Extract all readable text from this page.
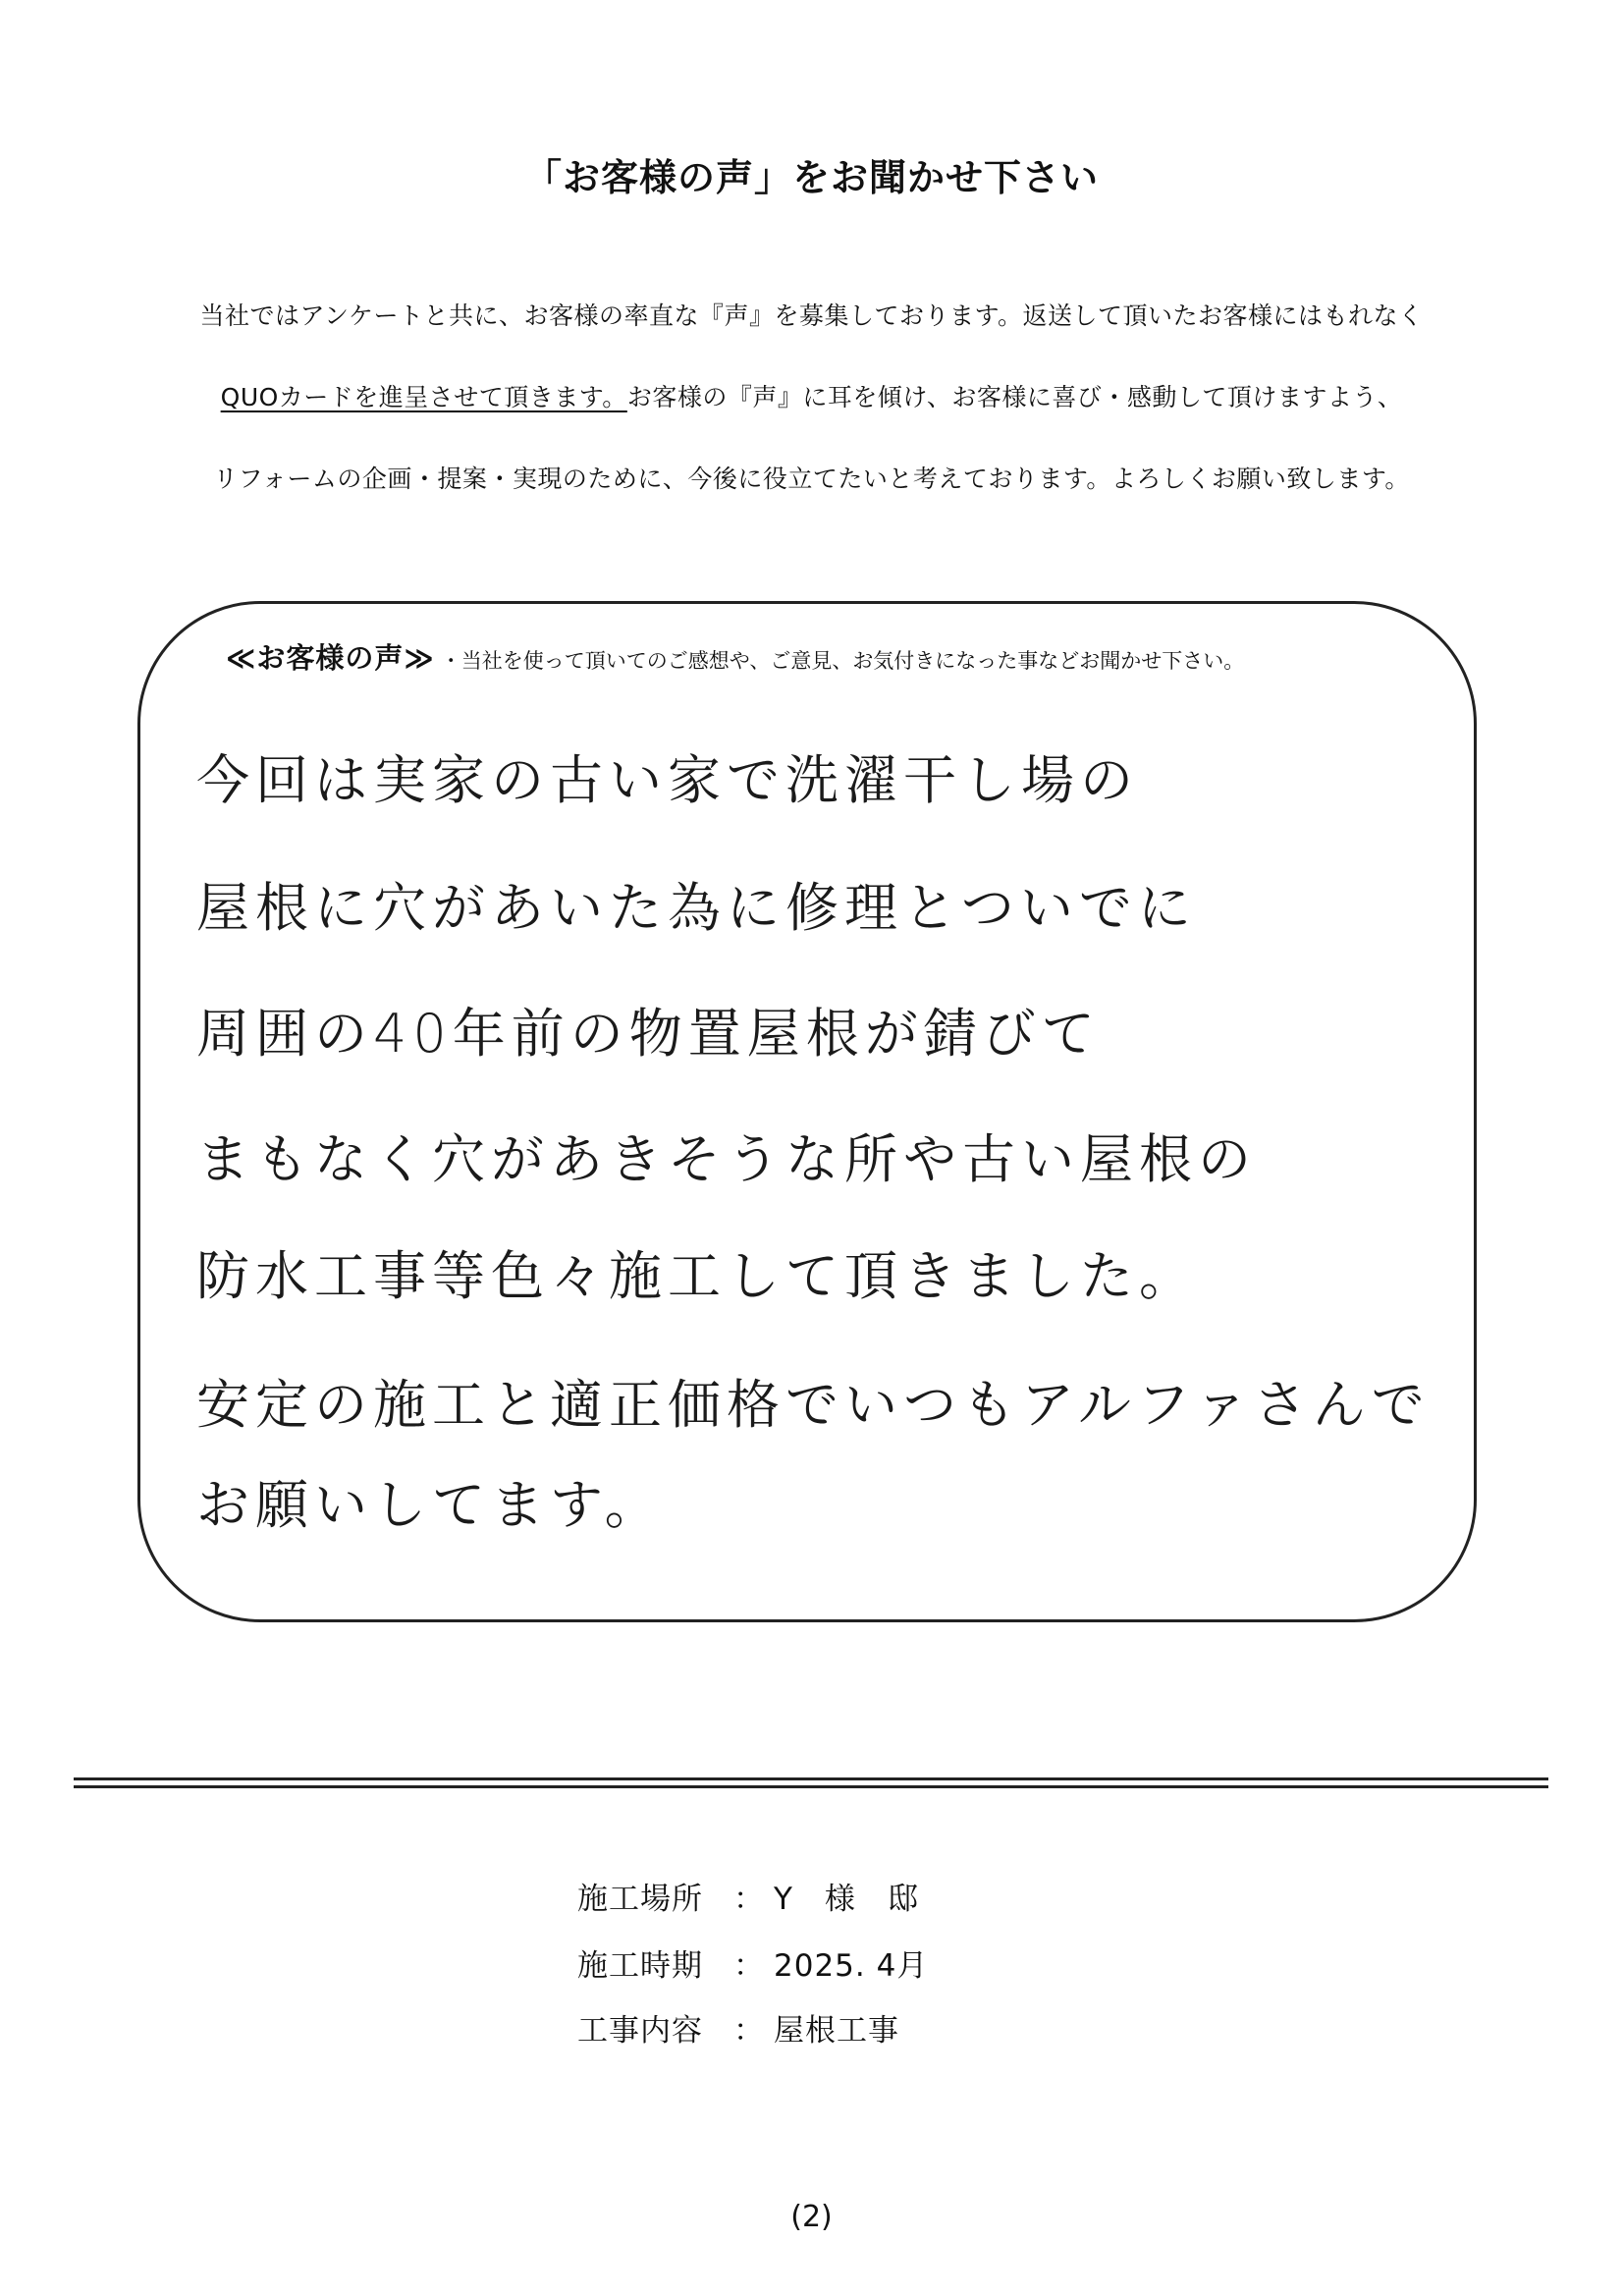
「お客様の声」をお聞かせ下さい
当社ではアンケートと共に、お客様の率直な『声』を募集しております。返送して頂いたお客様にはもれなく
QUOカードを進呈させて頂きます。お客様の『声』に耳を傾け、お客様に喜び・感動して頂けますよう、
リフォームの企画・提案・実現のために、今後に役立てたいと考えております。よろしくお願い致します。
≪お客様の声≫ ・当社を使って頂いてのご感想や、ご意見、お気付きになった事などお聞かせ下さい。
今回は実家の古い家で洗濯干し場の
屋根に穴があいた為に修理とついでに
周囲の40年前の物置屋根が錆びて
まもなく穴があきそうな所や古い屋根の
防水工事等色々施工して頂きました。
安定の施工と適正価格でいつもアルファさんで
お願いしてます。
施工場所 ： Y　様　邸
施工時期 ： 2025. 4月
工事内容 ： 屋根工事
(2)
